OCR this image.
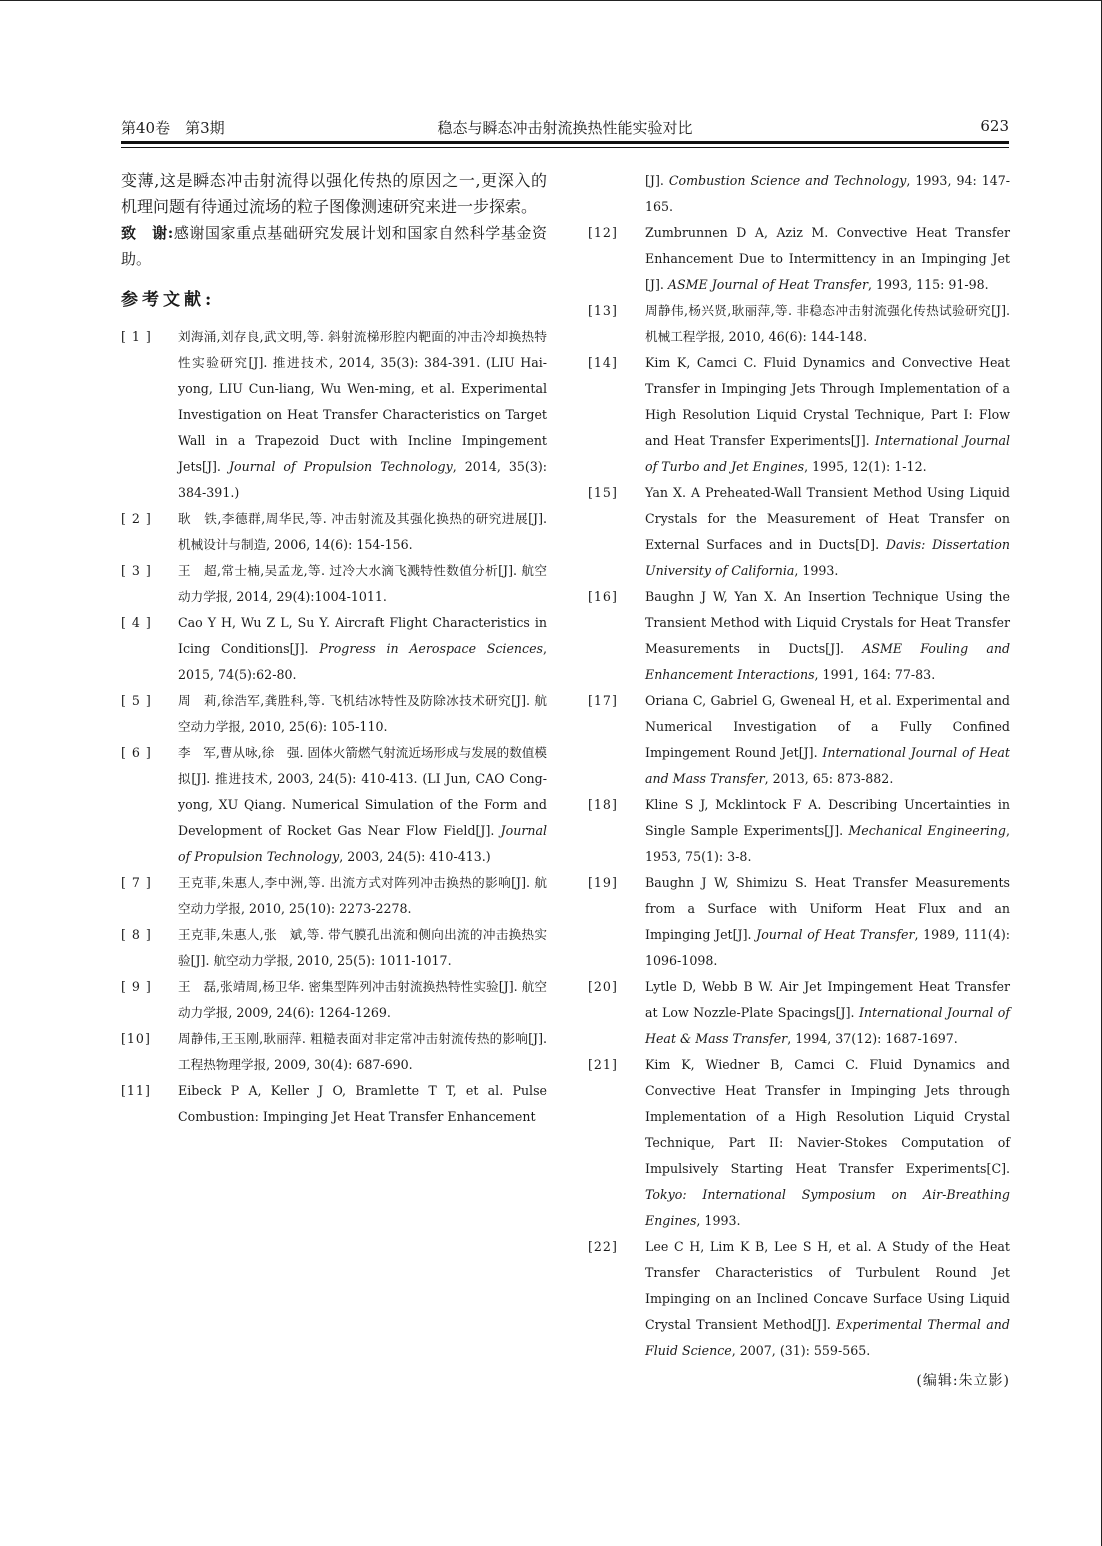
第40卷　第3期	稳态与瞬态冲击射流换热性能实验对比	623

变薄,这是瞬态冲击射流得以强化传热的原因之一,更深入的机理问题有待通过流场的粒子图像测速研究来进一步探索。

致　谢:感谢国家重点基础研究发展计划和国家自然科学基金资助。

参考文献:
[ 1 ]	刘海涌,刘存良,武文明,等. 斜射流梯形腔内靶面的冲击冷却换热特性实验研究[J]. 推进技术, 2014, 35(3): 384-391. (LIU Hai-yong, LIU Cun-liang, Wu Wen-ming, et al. Experimental Investigation on Heat Transfer Characteristics on Target Wall in a Trapezoid Duct with Incline Impingement Jets[J]. Journal of Propulsion Technology, 2014, 35(3): 384-391.)
[ 2 ]	耿　铁,李德群,周华民,等. 冲击射流及其强化换热的研究进展[J]. 机械设计与制造, 2006, 14(6): 154-156.
[ 3 ]	王　超,常士楠,吴孟龙,等. 过冷大水滴飞溅特性数值分析[J]. 航空动力学报, 2014, 29(4):1004-1011.
[ 4 ]	Cao Y H, Wu Z L, Su Y. Aircraft Flight Characteristics in Icing Conditions[J]. Progress in Aerospace Sciences, 2015, 74(5):62-80.
[ 5 ]	周　莉,徐浩军,龚胜科,等. 飞机结冰特性及防除冰技术研究[J]. 航空动力学报, 2010, 25(6): 105-110.
[ 6 ]	李　军,曹从咏,徐　强. 固体火箭燃气射流近场形成与发展的数值模拟[J]. 推进技术, 2003, 24(5): 410-413. (LI Jun, CAO Cong-yong, XU Qiang. Numerical Simulation of the Form and Development of Rocket Gas Near Flow Field[J]. Journal of Propulsion Technology, 2003, 24(5): 410-413.)
[ 7 ]	王克菲,朱惠人,李中洲,等. 出流方式对阵列冲击换热的影响[J]. 航空动力学报, 2010, 25(10): 2273-2278.
[ 8 ]	王克菲,朱惠人,张　斌,等. 带气膜孔出流和侧向出流的冲击换热实验[J]. 航空动力学报, 2010, 25(5): 1011-1017.
[ 9 ]	王　磊,张靖周,杨卫华. 密集型阵列冲击射流换热特性实验[J]. 航空动力学报, 2009, 24(6): 1264-1269.
[10]	周静伟,王玉刚,耿丽萍. 粗糙表面对非定常冲击射流传热的影响[J]. 工程热物理学报, 2009, 30(4): 687-690.
[11]	Eibeck P A, Keller J O, Bramlette T T, et al. Pulse Combustion: Impinging Jet Heat Transfer Enhancement
[J]. Combustion Science and Technology, 1993, 94: 147-165.
[12]	Zumbrunnen D A, Aziz M. Convective Heat Transfer Enhancement Due to Intermittency in an Impinging Jet [J]. ASME Journal of Heat Transfer, 1993, 115: 91-98.
[13]	周静伟,杨兴贤,耿丽萍,等. 非稳态冲击射流强化传热试验研究[J]. 机械工程学报, 2010, 46(6): 144-148.
[14]	Kim K, Camci C. Fluid Dynamics and Convective Heat Transfer in Impinging Jets Through Implementation of a High Resolution Liquid Crystal Technique, Part I: Flow and Heat Transfer Experiments[J]. International Journal of Turbo and Jet Engines, 1995, 12(1): 1-12.
[15]	Yan X. A Preheated-Wall Transient Method Using Liquid Crystals for the Measurement of Heat Transfer on External Surfaces and in Ducts[D]. Davis: Dissertation University of California, 1993.
[16]	Baughn J W, Yan X. An Insertion Technique Using the Transient Method with Liquid Crystals for Heat Transfer Measurements in Ducts[J]. ASME Fouling and Enhancement Interactions, 1991, 164: 77-83.
[17]	Oriana C, Gabriel G, Gweneal H, et al. Experimental and Numerical Investigation of a Fully Confined Impingement Round Jet[J]. International Journal of Heat and Mass Transfer, 2013, 65: 873-882.
[18]	Kline S J, Mcklintock F A. Describing Uncertainties in Single Sample Experiments[J]. Mechanical Engineering, 1953, 75(1): 3-8.
[19]	Baughn J W, Shimizu S. Heat Transfer Measurements from a Surface with Uniform Heat Flux and an Impinging Jet[J]. Journal of Heat Transfer, 1989, 111(4): 1096-1098.
[20]	Lytle D, Webb B W. Air Jet Impingement Heat Transfer at Low Nozzle-Plate Spacings[J]. International Journal of Heat & Mass Transfer, 1994, 37(12): 1687-1697.
[21]	Kim K, Wiedner B, Camci C. Fluid Dynamics and Convective Heat Transfer in Impinging Jets through Implementation of a High Resolution Liquid Crystal Technique, Part II: Navier-Stokes Computation of Impulsively Starting Heat Transfer Experiments[C]. Tokyo: International Symposium on Air-Breathing Engines, 1993.
[22]	Lee C H, Lim K B, Lee S H, et al. A Study of the Heat Transfer Characteristics of Turbulent Round Jet Impinging on an Inclined Concave Surface Using Liquid Crystal Transient Method[J]. Experimental Thermal and Fluid Science, 2007, (31): 559-565.
(编辑:朱立影)
